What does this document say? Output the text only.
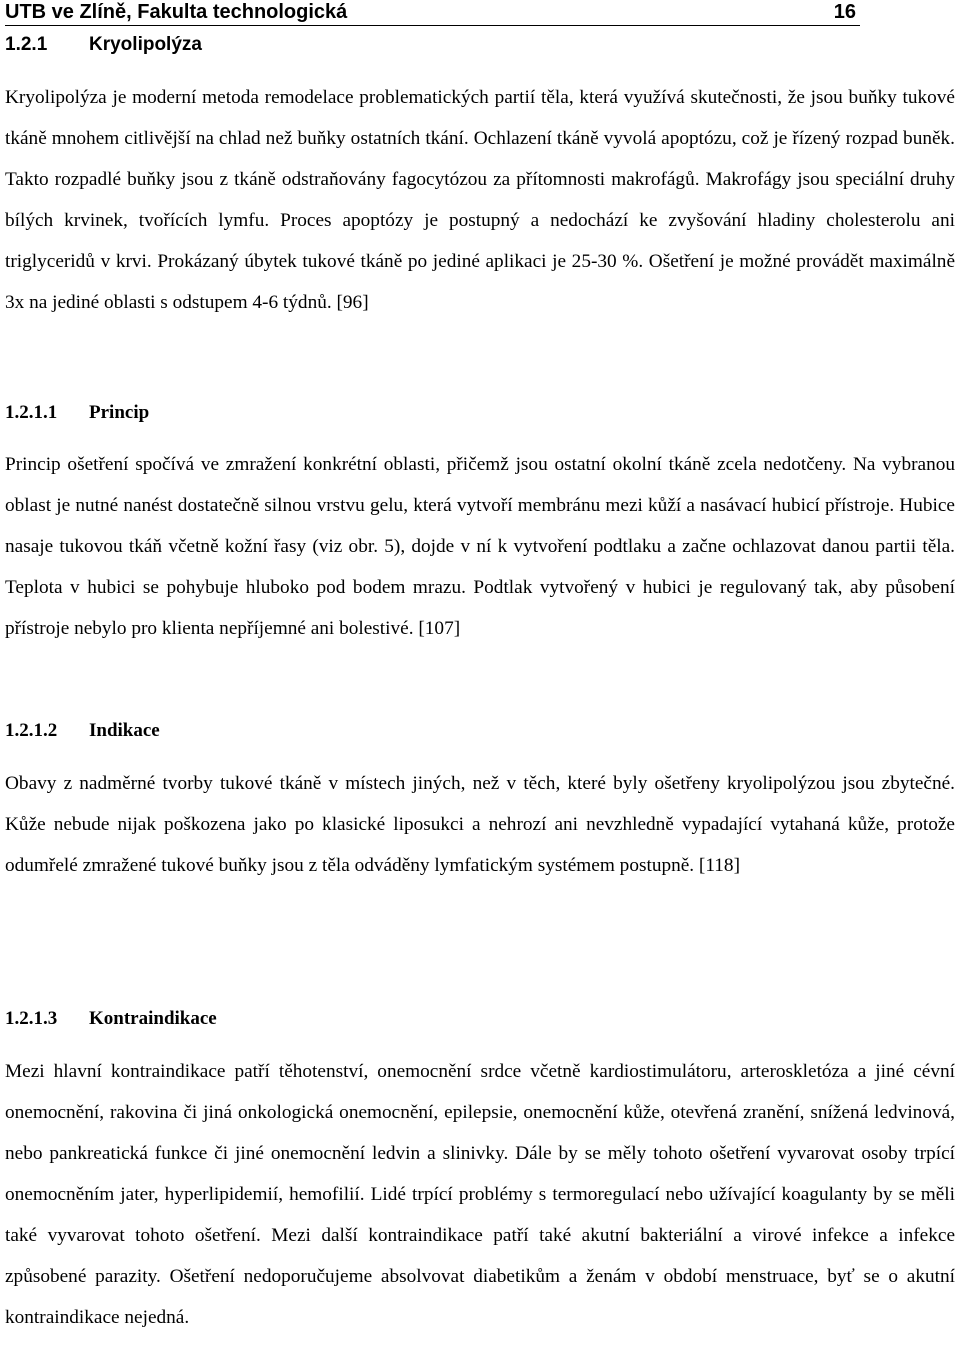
UTB ve Zlíně, Fakulta technologická	16
1.2.1 Kryolipolýza
Kryolipolýza je moderní metoda remodelace problematických partií těla, která využívá skutečnosti, že jsou buňky tukové tkáně mnohem citlivější na chlad než buňky ostatních tkání. Ochlazení tkáně vyvolá apoptózu, což je řízený rozpad buněk. Takto rozpadlé buňky jsou z tkáně odstraňovány fagocytózou za přítomnosti makrofágů. Makrofágy jsou speciální druhy bílých krvinek, tvořících lymfu. Proces apoptózy je postupný a nedochází ke zvyšování hladiny cholesterolu ani triglyceridů v krvi. Prokázaný úbytek tukové tkáně po jediné aplikaci je 25-30 %. Ošetření je možné provádět maximálně 3x na jediné oblasti s odstupem 4-6 týdnů. [96]
1.2.1.1 Princip
Princip ošetření spočívá ve zmražení konkrétní oblasti, přičemž jsou ostatní okolní tkáně zcela nedotčeny. Na vybranou oblast je nutné nanést dostatečně silnou vrstvu gelu, která vytvoří membránu mezi kůží a nasávací hubicí přístroje. Hubice nasaje tukovou tkáň včetně kožní řasy (viz obr. 5), dojde v ní k vytvoření podtlaku a začne ochlazovat danou partii těla. Teplota v hubici se pohybuje hluboko pod bodem mrazu. Podtlak vytvořený v hubici je regulovaný tak, aby působení přístroje nebylo pro klienta nepříjemné ani bolestivé. [107]
1.2.1.2 Indikace
Obavy z nadměrné tvorby tukové tkáně v místech jiných, než v těch, které byly ošetřeny kryolipolýzou jsou zbytečné. Kůže nebude nijak poškozena jako po klasické liposukci a nehrozí ani nevzhledně vypadající vytahaná kůže, protože odumřelé zmražené tukové buňky jsou z těla odváděny lymfatickým systémem postupně. [118]
1.2.1.3 Kontraindikace
Mezi hlavní kontraindikace patří těhotenství, onemocnění srdce včetně kardiostimulátoru, arteroskletóza a jiné cévní onemocnění, rakovina či jiná onkologická onemocnění, epilepsie, onemocnění kůže, otevřená zranění, snížená ledvinová, nebo pankreatická funkce či jiné onemocnění ledvin a slinivky. Dále by se měly tohoto ošetření vyvarovat osoby trpící onemocněním jater, hyperlipidemií, hemofilií. Lidé trpící problémy s termoregulací nebo užívající koagulanty by se měli také vyvarovat tohoto ošetření. Mezi další kontraindikace patří také akutní bakteriální a virové infekce a infekce způsobené parazity. Ošetření nedoporučujeme absolvovat diabetikům a ženám v období menstruace, byť se o akutní kontraindikace nejedná.
